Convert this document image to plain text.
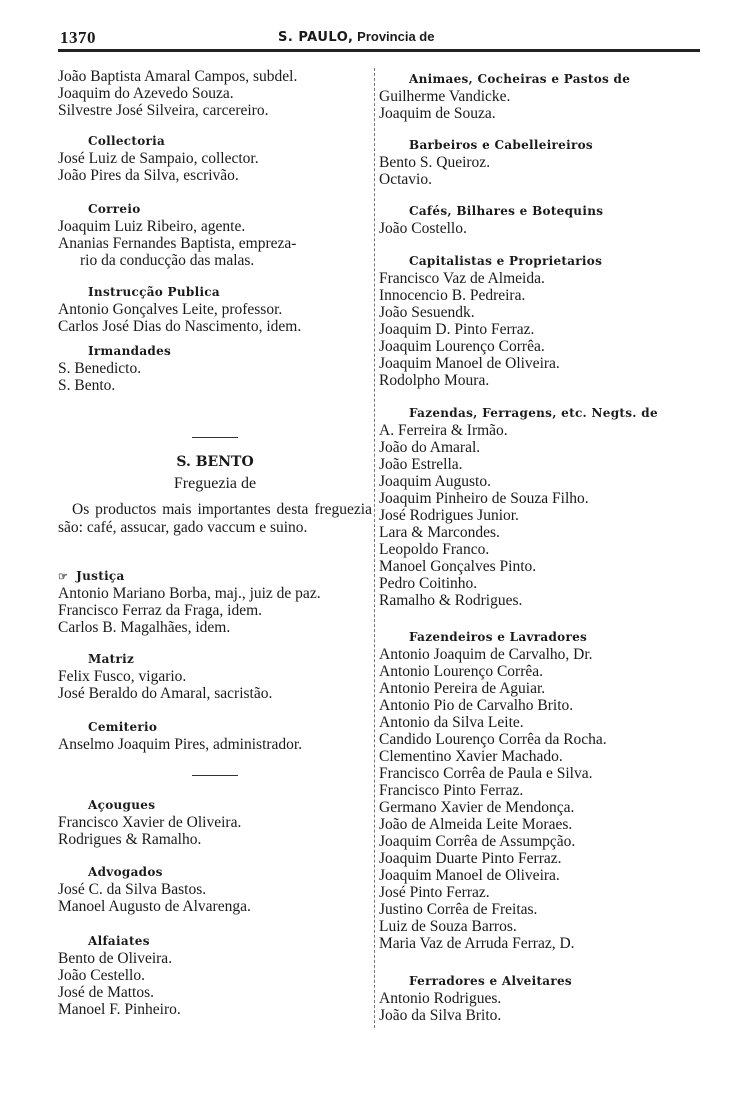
1370	S. PAULO, Provincia de
S. BENTO
Freguezia de
Os productos mais importantes desta freguezia são: café, assucar, gado vaccum e suino.
João Baptista Amaral Campos, subdel.
Joaquim do Azevedo Souza.
Silvestre José Silveira, carcereiro.
Collectoria
José Luiz de Sampaio, collector.
João Pires da Silva, escrivão.
Correio
Joaquim Luiz Ribeiro, agente.
Ananias Fernandes Baptista, empreza-
rio da conducção das malas.
Instrucção Publica
Antonio Gonçalves Leite, professor.
Carlos José Dias do Nascimento, idem.
Irmandades
S. Benedicto.
S. Bento.
☞ Justiça
Antonio Mariano Borba, maj., juiz de paz.
Francisco Ferraz da Fraga, idem.
Carlos B. Magalhães, idem.
Matriz
Felix Fusco, vigario.
José Beraldo do Amaral, sacristão.
Cemiterio
Anselmo Joaquim Pires, administrador.
Açougues
Francisco Xavier de Oliveira.
Rodrigues & Ramalho.
Advogados
José C. da Silva Bastos.
Manoel Augusto de Alvarenga.
Alfaiates
Bento de Oliveira.
João Cestello.
José de Mattos.
Manoel F. Pinheiro.
Animaes, Cocheiras e Pastos de
Guilherme Vandicke.
Joaquim de Souza.
Barbeiros e Cabelleireiros
Bento S. Queiroz.
Octavio.
Cafés, Bilhares e Botequins
João Costello.
Capitalistas e Proprietarios
Francisco Vaz de Almeida.
Innocencio B. Pedreira.
João Sesuendk.
Joaquim D. Pinto Ferraz.
Joaquim Lourenço Corrêa.
Joaquim Manoel de Oliveira.
Rodolpho Moura.
Fazendas, Ferragens, etc. Negts. de
A. Ferreira & Irmão.
João do Amaral.
João Estrella.
Joaquim Augusto.
Joaquim Pinheiro de Souza Filho.
José Rodrigues Junior.
Lara & Marcondes.
Leopoldo Franco.
Manoel Gonçalves Pinto.
Pedro Coitinho.
Ramalho & Rodrigues.
Fazendeiros e Lavradores
Antonio Joaquim de Carvalho, Dr.
Antonio Lourenço Corrêa.
Antonio Pereira de Aguiar.
Antonio Pio de Carvalho Brito.
Antonio da Silva Leite.
Candido Lourenço Corrêa da Rocha.
Clementino Xavier Machado.
Francisco Corrêa de Paula e Silva.
Francisco Pinto Ferraz.
Germano Xavier de Mendonça.
João de Almeida Leite Moraes.
Joaquim Corrêa de Assumpção.
Joaquim Duarte Pinto Ferraz.
Joaquim Manoel de Oliveira.
José Pinto Ferraz.
Justino Corrêa de Freitas.
Luiz de Souza Barros.
Maria Vaz de Arruda Ferraz, D.
Ferradores e Alveitares
Antonio Rodrigues.
João da Silva Brito.
